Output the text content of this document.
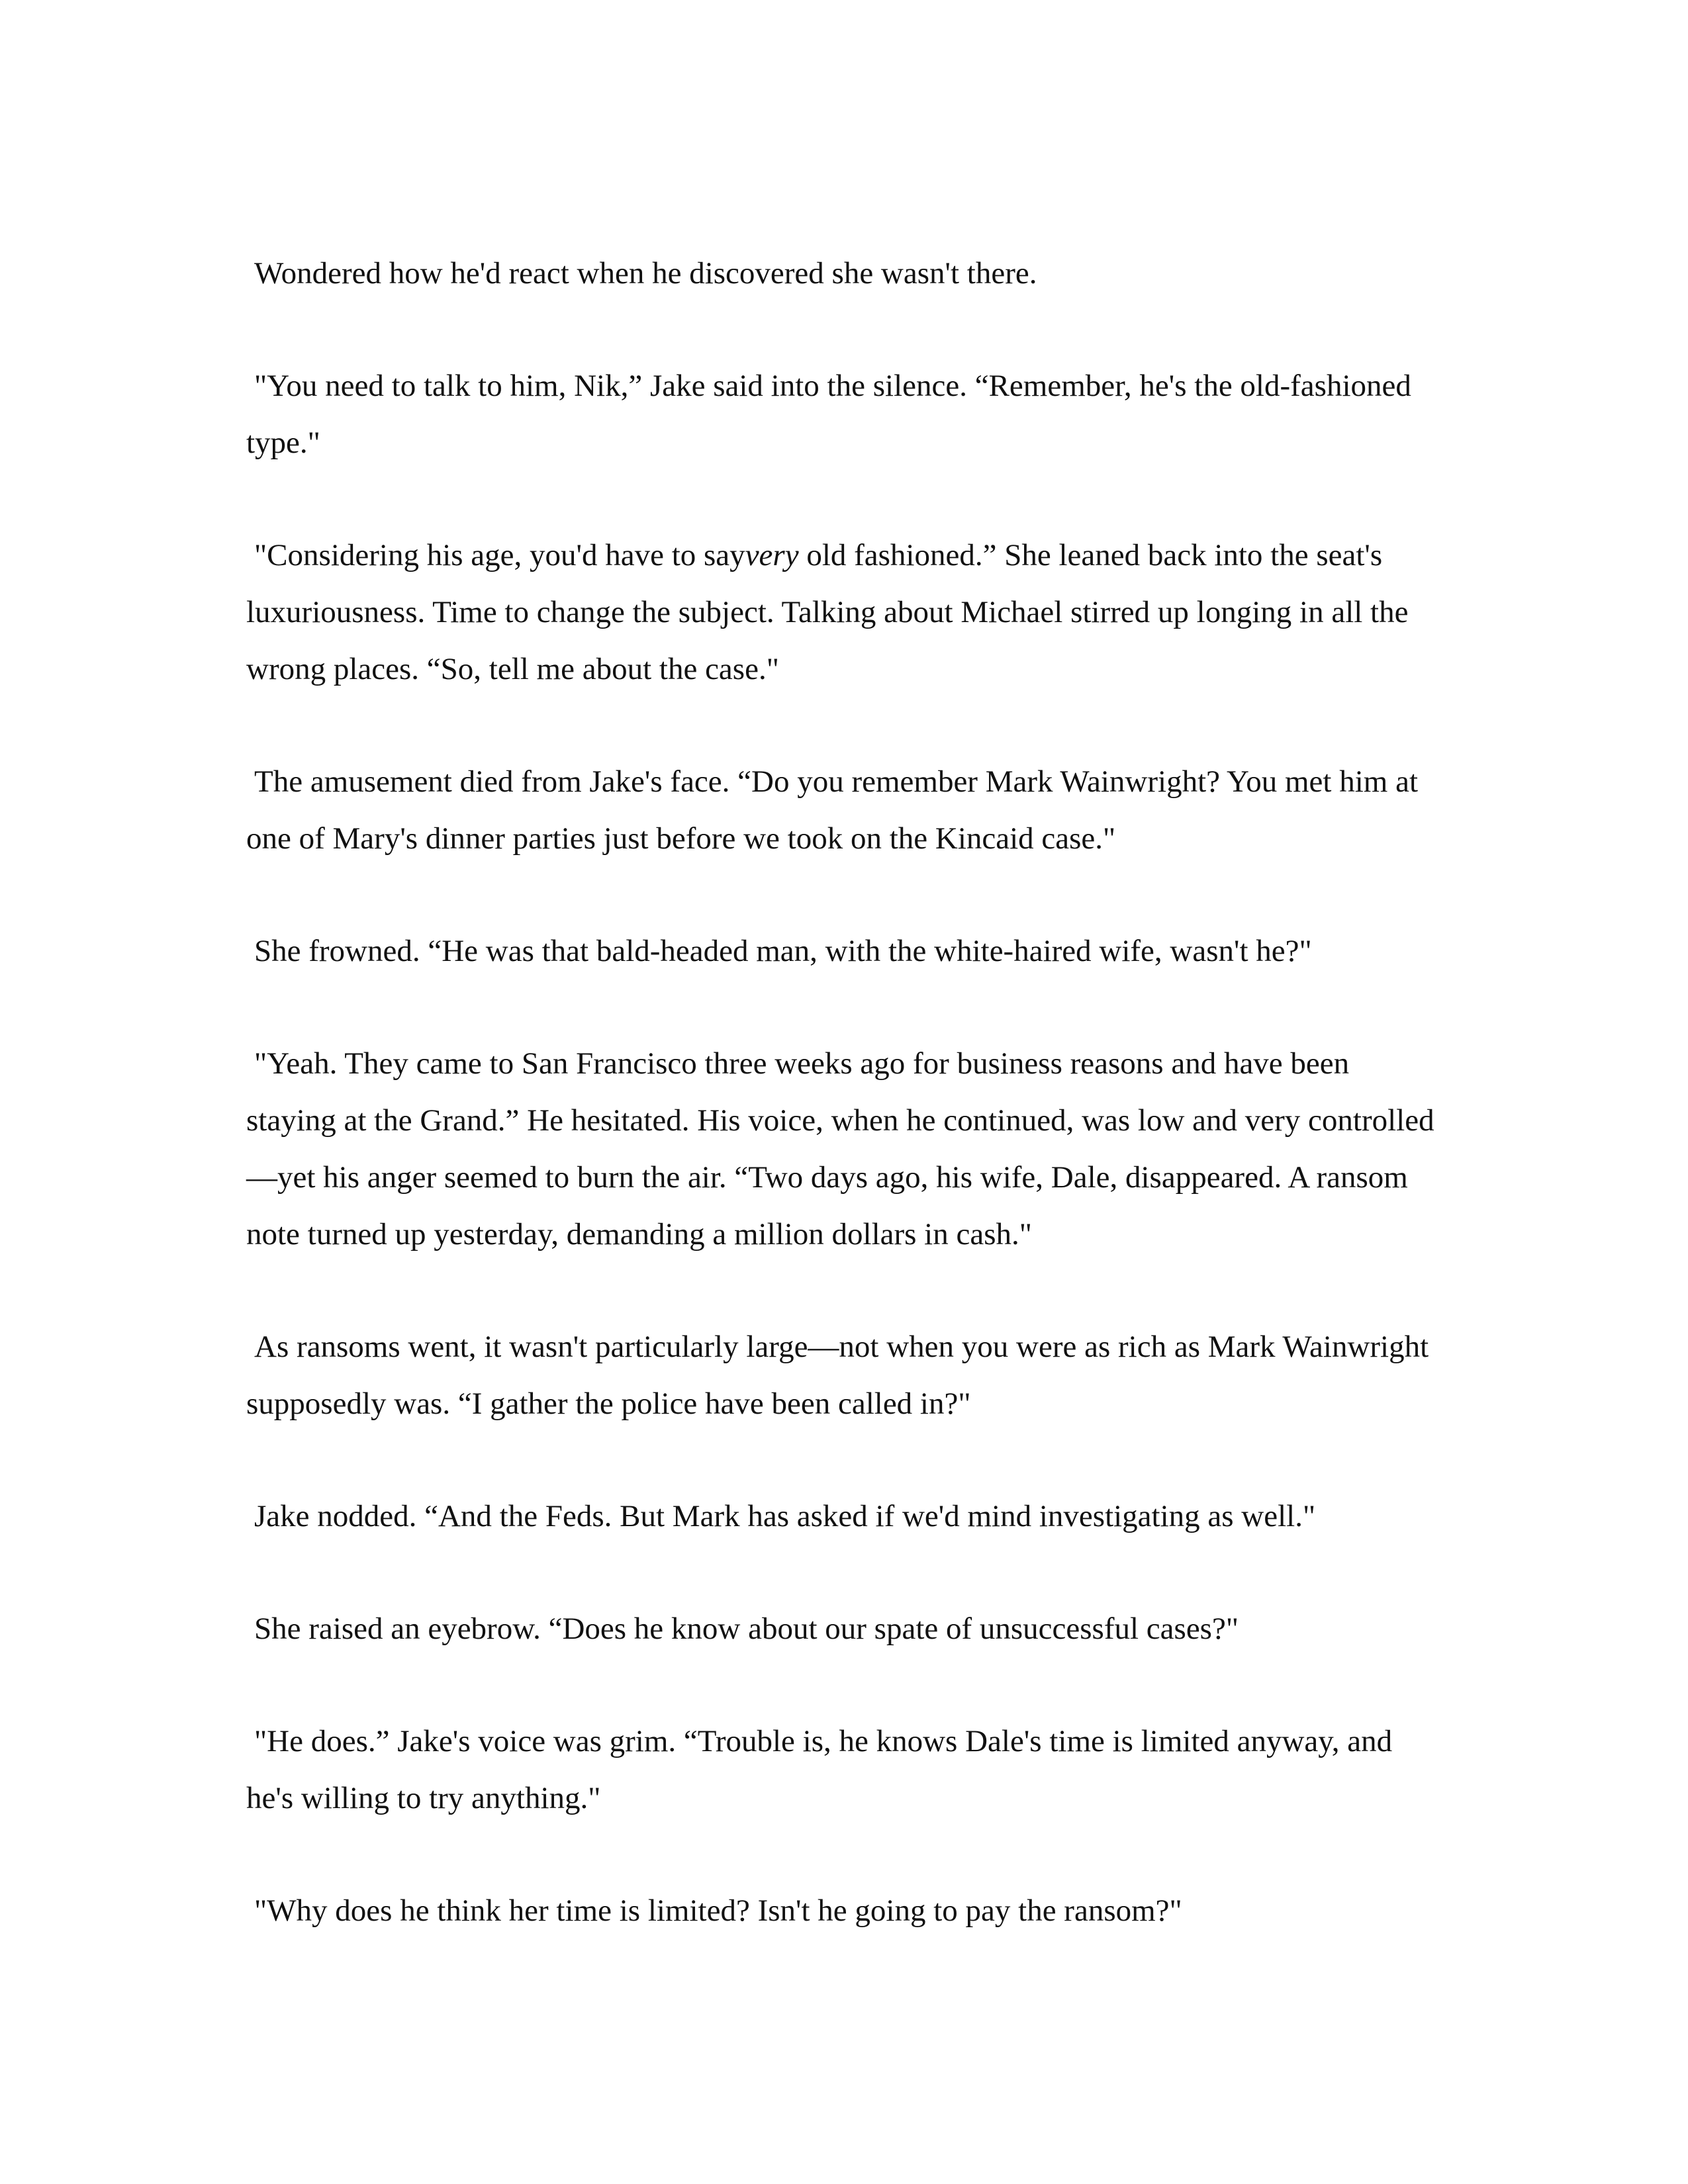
Wondered how he'd react when he discovered she wasn't there.

"You need to talk to him, Nik,” Jake said into the silence. “Remember, he's the old-fashioned type."

"Considering his age, you'd have to sayvery old fashioned.” She leaned back into the seat's luxuriousness. Time to change the subject. Talking about Michael stirred up longing in all the wrong places. “So, tell me about the case."

The amusement died from Jake's face. “Do you remember Mark Wainwright? You met him at one of Mary's dinner parties just before we took on the Kincaid case."

She frowned. “He was that bald-headed man, with the white-haired wife, wasn't he?"

"Yeah. They came to San Francisco three weeks ago for business reasons and have been staying at the Grand.” He hesitated. His voice, when he continued, was low and very controlled—yet his anger seemed to burn the air. “Two days ago, his wife, Dale, disappeared. A ransom note turned up yesterday, demanding a million dollars in cash."

As ransoms went, it wasn't particularly large—not when you were as rich as Mark Wainwright supposedly was. “I gather the police have been called in?"

Jake nodded. “And the Feds. But Mark has asked if we'd mind investigating as well."

She raised an eyebrow. “Does he know about our spate of unsuccessful cases?"

"He does.” Jake's voice was grim. “Trouble is, he knows Dale's time is limited anyway, and he's willing to try anything."

"Why does he think her time is limited? Isn't he going to pay the ransom?"
